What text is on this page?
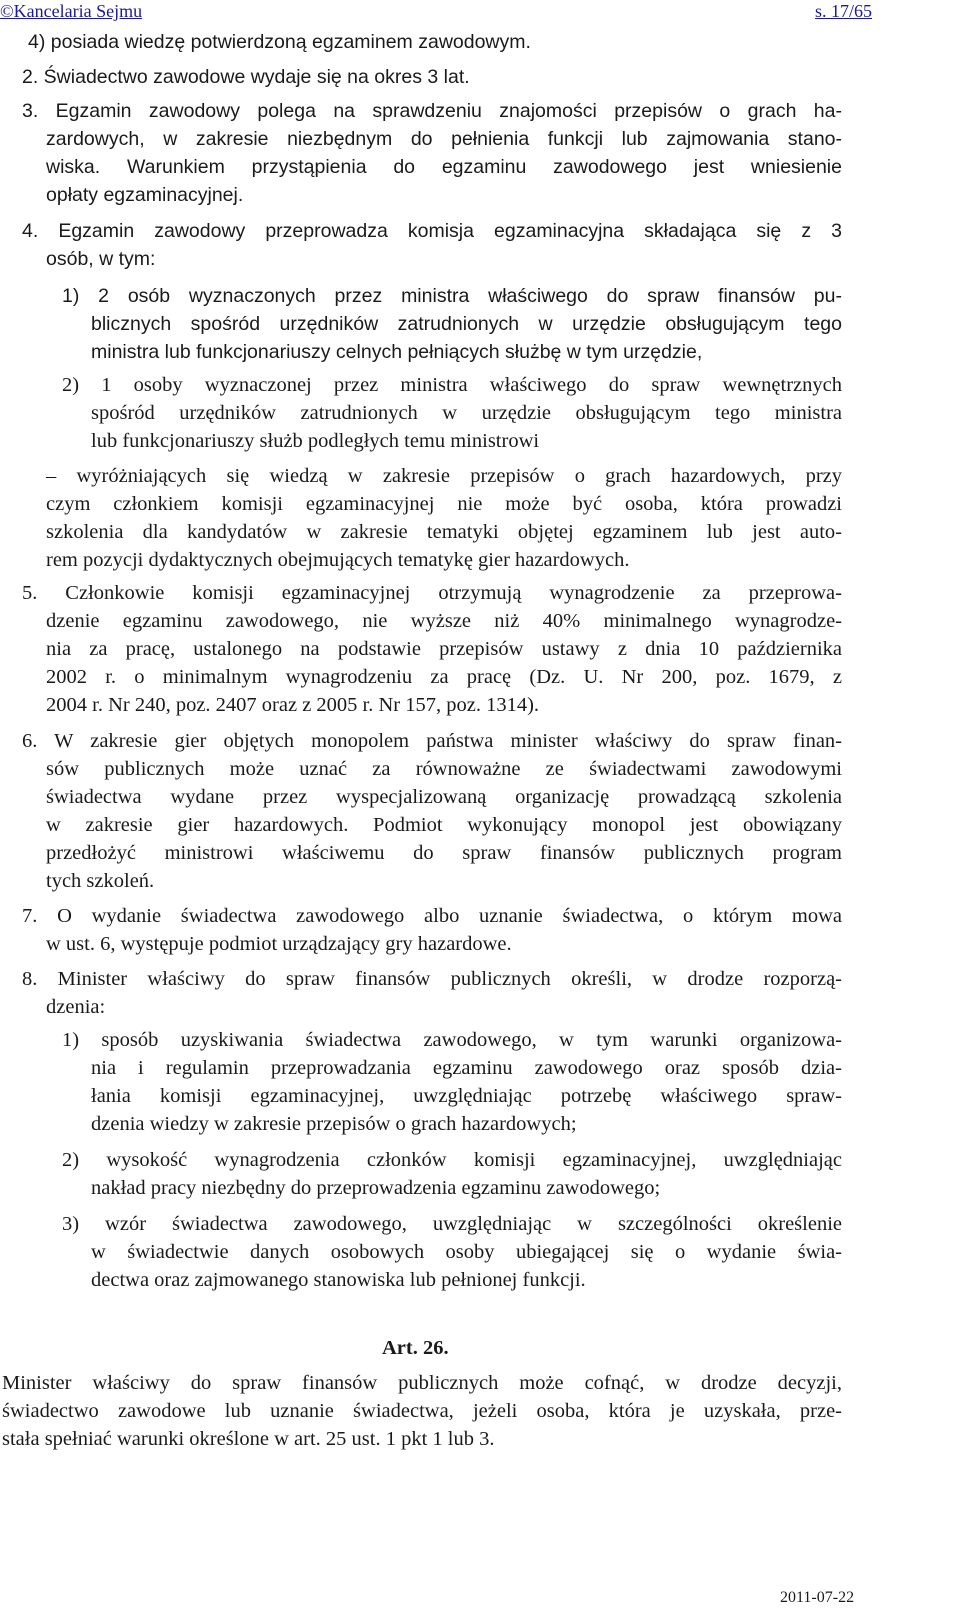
©Kancelaria Sejmu	s. 17/65
4) posiada wiedzę potwierdzoną egzaminem zawodowym.
2. Świadectwo zawodowe wydaje się na okres 3 lat.
3. Egzamin zawodowy polega na sprawdzeniu znajomości przepisów o grach ha-
zardowych, w zakresie niezbędnym do pełnienia funkcji lub zajmowania stano-
wiska. Warunkiem przystąpienia do egzaminu zawodowego jest wniesienie
opłaty egzaminacyjnej.
4. Egzamin zawodowy przeprowadza komisja egzaminacyjna składająca się z 3
osób, w tym:
1) 2 osób wyznaczonych przez ministra właściwego do spraw finansów pu-
blicznych spośród urzędników zatrudnionych w urzędzie obsługującym tego
ministra lub funkcjonariuszy celnych pełniących służbę w tym urzędzie,
2) 1 osoby wyznaczonej przez ministra właściwego do spraw wewnętrznych
spośród urzędników zatrudnionych w urzędzie obsługującym tego ministra
lub funkcjonariuszy służb podległych temu ministrowi
– wyróżniających się wiedzą w zakresie przepisów o grach hazardowych, przy
czym członkiem komisji egzaminacyjnej nie może być osoba, która prowadzi
szkolenia dla kandydatów w zakresie tematyki objętej egzaminem lub jest auto-
rem pozycji dydaktycznych obejmujących tematykę gier hazardowych.
5. Członkowie komisji egzaminacyjnej otrzymują wynagrodzenie za przeprowa-
dzenie egzaminu zawodowego, nie wyższe niż 40% minimalnego wynagrodze-
nia za pracę, ustalonego na podstawie przepisów ustawy z dnia 10 października
2002 r. o minimalnym wynagrodzeniu za pracę (Dz. U. Nr 200, poz. 1679, z
2004 r. Nr 240, poz. 2407 oraz z 2005 r. Nr 157, poz. 1314).
6. W zakresie gier objętych monopolem państwa minister właściwy do spraw finan-
sów publicznych może uznać za równoważne ze świadectwami zawodowymi
świadectwa wydane przez wyspecjalizowaną organizację prowadzącą szkolenia
w zakresie gier hazardowych. Podmiot wykonujący monopol jest obowiązany
przedłożyć ministrowi właściwemu do spraw finansów publicznych program
tych szkoleń.
7. O wydanie świadectwa zawodowego albo uznanie świadectwa, o którym mowa
w ust. 6, występuje podmiot urządzający gry hazardowe.
8. Minister właściwy do spraw finansów publicznych określi, w drodze rozporzą-
dzenia:
1) sposób uzyskiwania świadectwa zawodowego, w tym warunki organizowa-
nia i regulamin przeprowadzania egzaminu zawodowego oraz sposób dzia-
łania komisji egzaminacyjnej, uwzględniając potrzebę właściwego spraw-
dzenia wiedzy w zakresie przepisów o grach hazardowych;
2) wysokość wynagrodzenia członków komisji egzaminacyjnej, uwzględniając
nakład pracy niezbędny do przeprowadzenia egzaminu zawodowego;
3) wzór świadectwa zawodowego, uwzględniając w szczególności określenie
w świadectwie danych osobowych osoby ubiegającej się o wydanie świa-
dectwa oraz zajmowanego stanowiska lub pełnionej funkcji.
Art. 26.
Minister właściwy do spraw finansów publicznych może cofnąć, w drodze decyzji,
świadectwo zawodowe lub uznanie świadectwa, jeżeli osoba, która je uzyskała, prze-
stała spełniać warunki określone w art. 25 ust. 1 pkt 1 lub 3.
2011-07-22
